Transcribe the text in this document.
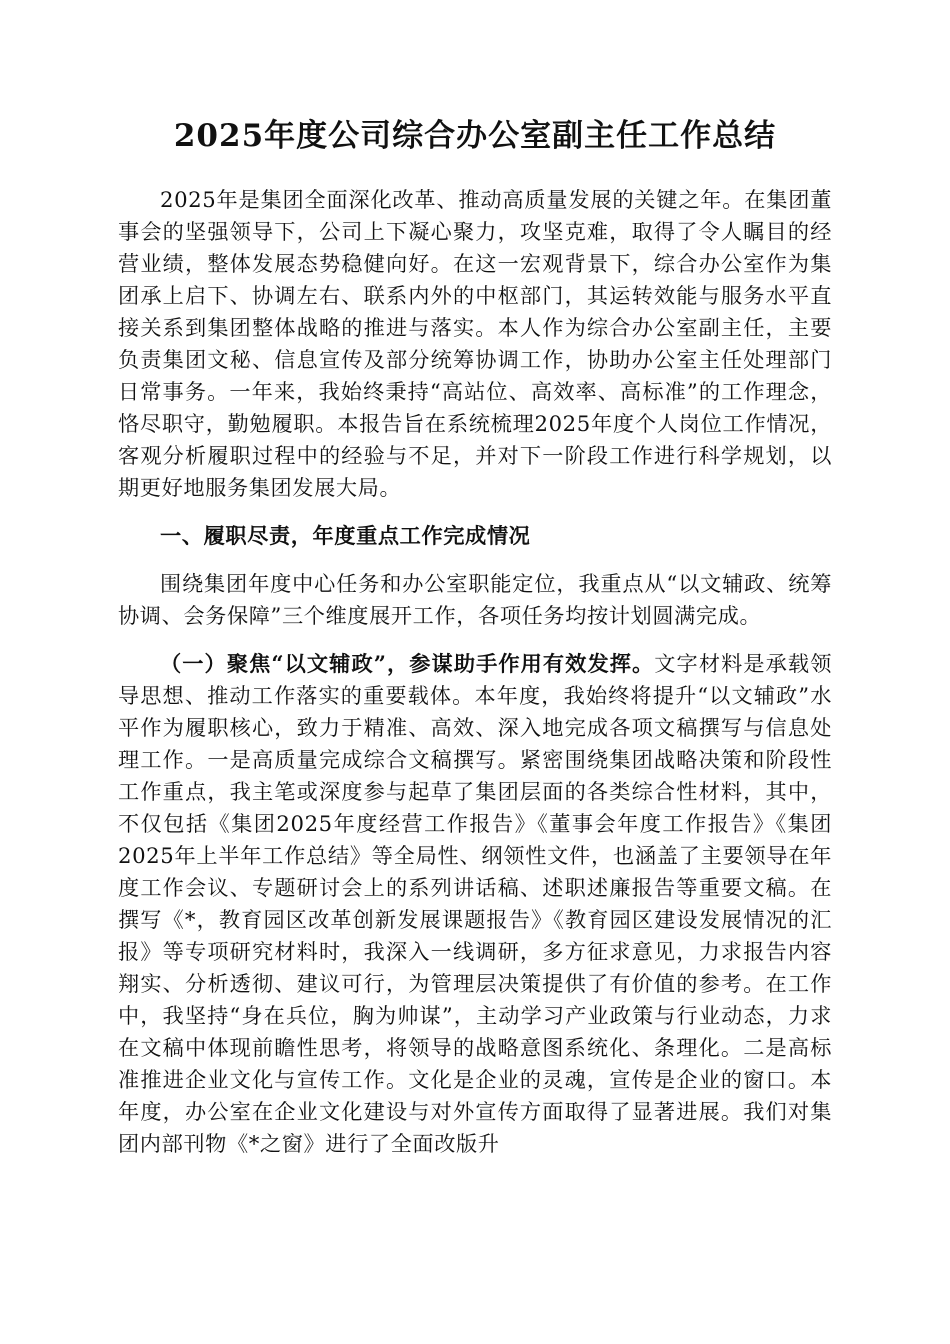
2025年度公司综合办公室副主任工作总结

2025年是集团全面深化改革、推动高质量发展的关键之年。在集团董事会的坚强领导下，公司上下凝心聚力，攻坚克难，取得了令人瞩目的经营业绩，整体发展态势稳健向好。在这一宏观背景下，综合办公室作为集团承上启下、协调左右、联系内外的中枢部门，其运转效能与服务水平直接关系到集团整体战略的推进与落实。本人作为综合办公室副主任，主要负责集团文秘、信息宣传及部分统筹协调工作，协助办公室主任处理部门日常事务。一年来，我始终秉持“高站位、高效率、高标准”的工作理念，恪尽职守，勤勉履职。本报告旨在系统梳理2025年度个人岗位工作情况，客观分析履职过程中的经验与不足，并对下一阶段工作进行科学规划，以期更好地服务集团发展大局。

一、履职尽责，年度重点工作完成情况

围绕集团年度中心任务和办公室职能定位，我重点从“以文辅政、统筹协调、会务保障”三个维度展开工作，各项任务均按计划圆满完成。

（一）聚焦“以文辅政”，参谋助手作用有效发挥。文字材料是承载领导思想、推动工作落实的重要载体。本年度，我始终将提升“以文辅政”水平作为履职核心，致力于精准、高效、深入地完成各项文稿撰写与信息处理工作。一是高质量完成综合文稿撰写。紧密围绕集团战略决策和阶段性工作重点，我主笔或深度参与起草了集团层面的各类综合性材料，其中，不仅包括《集团2025年度经营工作报告》《董事会年度工作报告》《集团2025年上半年工作总结》等全局性、纲领性文件，也涵盖了主要领导在年度工作会议、专题研讨会上的系列讲话稿、述职述廉报告等重要文稿。在撰写《*，教育园区改革创新发展课题报告》《教育园区建设发展情况的汇报》等专项研究材料时，我深入一线调研，多方征求意见，力求报告内容翔实、分析透彻、建议可行，为管理层决策提供了有价值的参考。在工作中，我坚持“身在兵位，胸为帅谋”，主动学习产业政策与行业动态，力求在文稿中体现前瞻性思考，将领导的战略意图系统化、条理化。二是高标准推进企业文化与宣传工作。文化是企业的灵魂，宣传是企业的窗口。本年度，办公室在企业文化建设与对外宣传方面取得了显著进展。我们对集团内部刊物《*之窗》进行了全面改版升
